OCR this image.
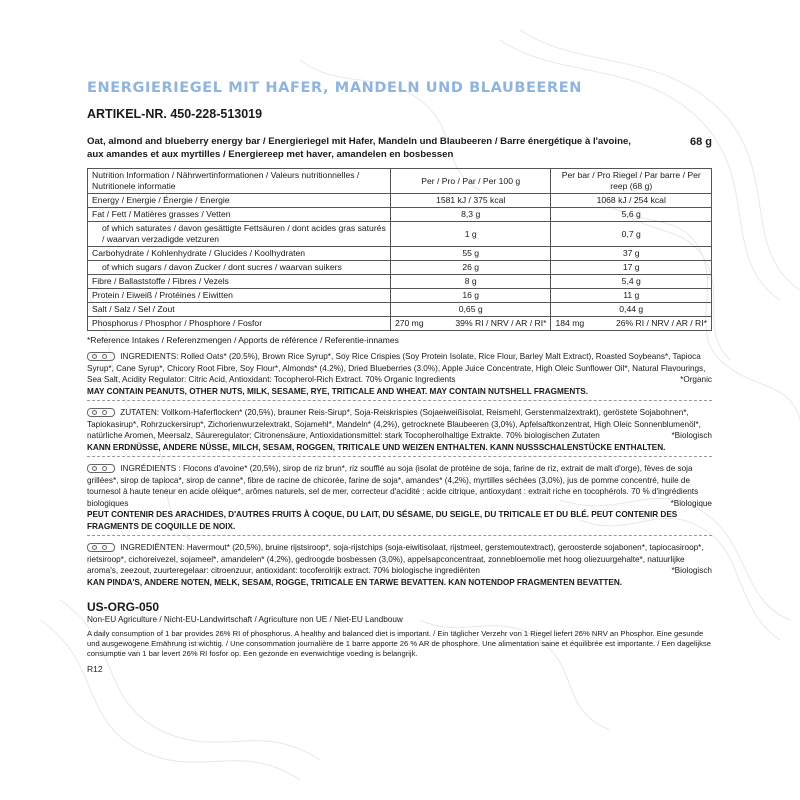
ENERGIERIEGEL MIT HAFER, MANDELN UND BLAUBEEREN
ARTIKEL-NR. 450-228-513019
Oat, almond and blueberry energy bar / Energieriegel mit Hafer, Mandeln und Blaubeeren / Barre énergétique à l'avoine, aux amandes et aux myrtilles / Energiereep met haver, amandelen en bosbessen
68 g
Nutrition Information / Nährwertinformationen / Valeurs nutritionnelles / Nutritionele informatie	Per / Pro / Par / Per 100 g	Per bar / Pro Riegel / Par barre / Per reep (68 g)
Energy / Energie / Énergie / Energie	1581 kJ / 375 kcal	1068 kJ / 254 kcal
Fat / Fett / Matières grasses / Vetten	8,3 g	5,6 g
of which saturates / davon gesättigte Fettsäuren / dont acides gras saturés / waarvan verzadigde vetzuren	1 g	0,7 g
Carbohydrate / Kohlenhydrate / Glucides / Koolhydraten	55 g	37 g
of which sugars / davon Zucker / dont sucres / waarvan suikers	26 g	17 g
Fibre / Ballaststoffe / Fibres / Vezels	8 g	5,4 g
Protein / Eiweiß / Protéines / Eiwitten	16 g	11 g
Salt / Salz / Sel / Zout	0,65 g	0,44 g
Phosphorus / Phosphor / Phosphore / Fosfor	270 mg 39% RI / NRV / AR / RI*	184 mg 26% RI / NRV / AR / RI*
*Reference Intakes / Referenzmengen / Apports de référence / Referentie-innames
INGREDIENTS: Rolled Oats* (20.5%), Brown Rice Syrup*, Soy Rice Crispies (Soy Protein Isolate, Rice Flour, Barley Malt Extract), Roasted Soybeans*, Tapioca Syrup*, Cane Syrup*, Chicory Root Fibre, Soy Flour*, Almonds* (4.2%), Dried Blueberries (3.0%), Apple Juice Concentrate, High Oleic Sunflower Oil*, Natural Flavourings, Sea Salt, Acidity Regulator: Citric Acid, Antioxidant: Tocopherol-Rich Extract. 70% Organic Ingredients	*Organic
MAY CONTAIN PEANUTS, OTHER NUTS, MILK, SESAME, RYE, TRITICALE AND WHEAT. MAY CONTAIN NUTSHELL FRAGMENTS.
ZUTATEN: Vollkorn-Haferflocken* (20,5%), brauner Reis-Sirup*, Soja-Reiskrispies (Sojaeiweißisolat, Reismehl, Gerstenmalzextrakt), geröstete Sojabohnen*, Tapiokasirup*, Rohrzuckersirup*, Zichorienwurzelextrakt, Sojamehl*, Mandeln* (4,2%), getrocknete Blaubeeren (3,0%), Apfelsaftkonzentrat, High Oleic Sonnenblumenöl*, natürliche Aromen, Meersalz, Säureregulator: Citronensäure, Antioxidationsmittel: stark Tocopherolhaltige Extrakte. 70% biologischen Zutaten	*Biologisch
KANN ERDNÜSSE, ANDERE NÜSSE, MILCH, SESAM, ROGGEN, TRITICALE UND WEIZEN ENTHALTEN. KANN NUSSSCHALENSTÜCKE ENTHALTEN.
INGRÉDIENTS : Flocons d'avoine* (20,5%), sirop de riz brun*, riz soufflé au soja (isolat de protéine de soja, farine de riz, extrait de malt d'orge), fèves de soja grillées*, sirop de tapioca*, sirop de canne*, fibre de racine de chicorée, farine de soja*, amandes* (4,2%), myrtilles séchées (3,0%), jus de pomme concentré, huile de tournesol à haute teneur en acide oléique*, arômes naturels, sel de mer, correcteur d'acidité : acide citrique, antioxydant : extrait riche en tocophérols. 70 % d'ingrédients biologiques	*Biologique
PEUT CONTENIR DES ARACHIDES, D'AUTRES FRUITS À COQUE, DU LAIT, DU SÉSAME, DU SEIGLE, DU TRITICALE ET DU BLÉ. PEUT CONTENIR DES FRAGMENTS DE COQUILLE DE NOIX.
INGREDIËNTEN: Havermout* (20,5%), bruine rijstsiroop*, soja-rijstchips (soja-eiwitisolaat, rijstmeel, gerstemoutextract), geroosterde sojabonen*, tapiocasiroop*, rietsiroop*, cichoreivezel, sojameel*, amandelen* (4,2%), gedroogde bosbessen (3,0%), appelsapconcentraat, zonnebloemolie met hoog oliezuurgehalte*, natuurlijke aroma's, zeezout, zuurteregelaar: citroenzuur, antioxidant: tocoferolrijk extract. 70% biologische ingrediënten	*Biologisch
KAN PINDA'S, ANDERE NOTEN, MELK, SESAM, ROGGE, TRITICALE EN TARWE BEVATTEN. KAN NOTENDOP FRAGMENTEN BEVATTEN.
US-ORG-050
Non-EU Agriculture / Nicht-EU-Landwirtschaft / Agriculture non UE / Niet-EU Landbouw
A daily consumption of 1 bar provides 26% RI of phosphorus. A healthy and balanced diet is important. / Ein täglicher Verzehr von 1 Riegel liefert 26% NRV an Phosphor. Eine gesunde und ausgewogene Ernährung ist wichtig. / Une consommation journalière de 1 barre apporte 26 % AR de phosphore. Une alimentation saine et équilibrée est importante. / Een dagelijkse consumptie van 1 bar levert 26% RI fosfor op. Een gezonde en evenwichtige voeding is belangrijk.
R12
